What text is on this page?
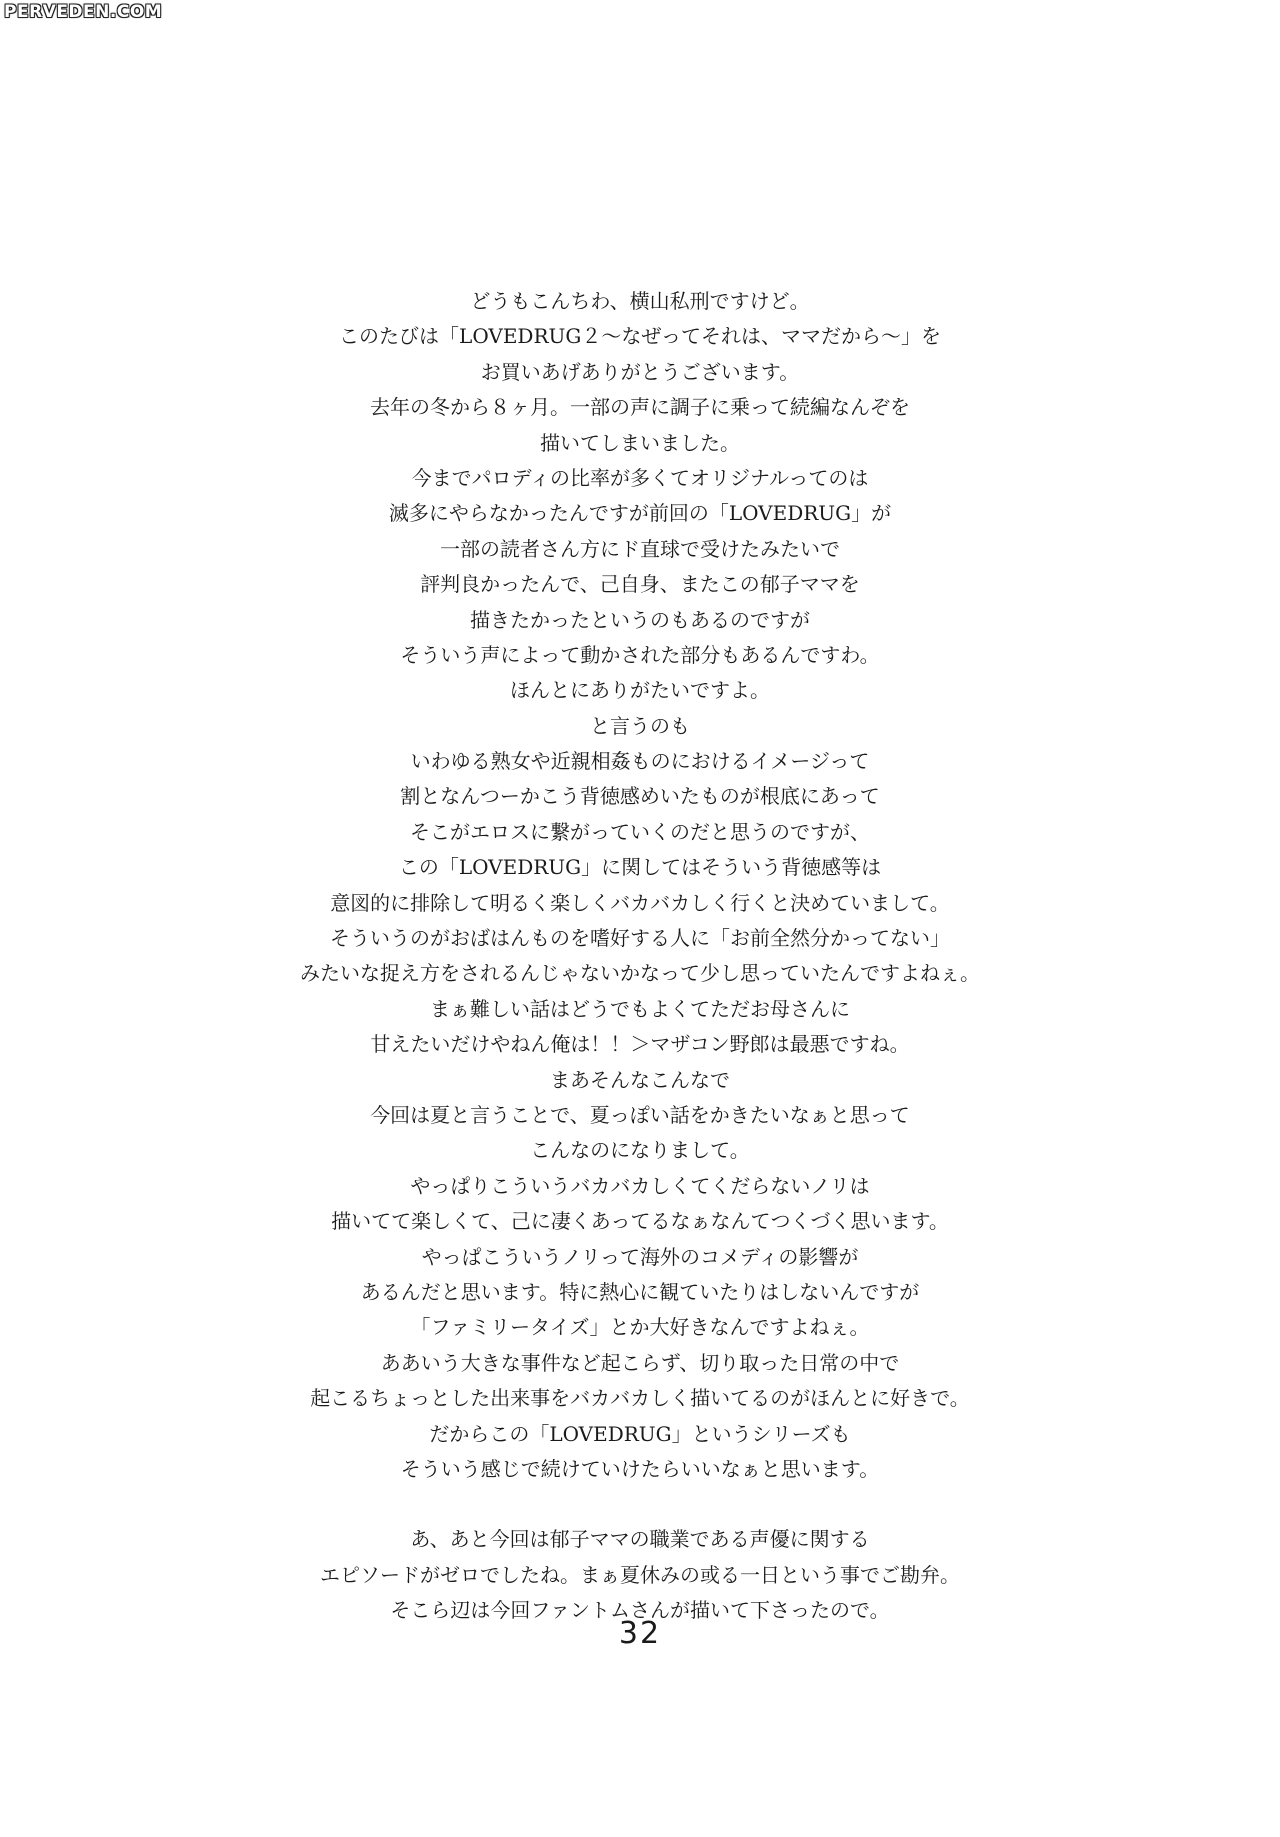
PERVEDEN.COM
どうもこんちわ、横山私刑ですけど。
このたびは「LOVEDRUG２～なぜってそれは、ママだから～」を
お買いあげありがとうございます。
去年の冬から８ヶ月。一部の声に調子に乗って続編なんぞを
描いてしまいました。
今までパロディの比率が多くてオリジナルってのは
滅多にやらなかったんですが前回の「LOVEDRUG」が
一部の読者さん方にド直球で受けたみたいで
評判良かったんで、己自身、またこの郁子ママを
描きたかったというのもあるのですが
そういう声によって動かされた部分もあるんですわ。
ほんとにありがたいですよ。
と言うのも
いわゆる熟女や近親相姦ものにおけるイメージって
割となんつーかこう背徳感めいたものが根底にあって
そこがエロスに繋がっていくのだと思うのですが、
この「LOVEDRUG」に関してはそういう背徳感等は
意図的に排除して明るく楽しくバカバカしく行くと決めていまして。
そういうのがおばはんものを嗜好する人に「お前全然分かってない」
みたいな捉え方をされるんじゃないかなって少し思っていたんですよねぇ。
まぁ難しい話はどうでもよくてただお母さんに
甘えたいだけやねん俺は！！＞マザコン野郎は最悪ですね。
まあそんなこんなで
今回は夏と言うことで、夏っぽい話をかきたいなぁと思って
こんなのになりまして。
やっぱりこういうバカバカしくてくだらないノリは
描いてて楽しくて、己に凄くあってるなぁなんてつくづく思います。
やっぱこういうノリって海外のコメディの影響が
あるんだと思います。特に熱心に観ていたりはしないんですが
「ファミリータイズ」とか大好きなんですよねぇ。
ああいう大きな事件など起こらず、切り取った日常の中で
起こるちょっとした出来事をバカバカしく描いてるのがほんとに好きで。
だからこの「LOVEDRUG」というシリーズも
そういう感じで続けていけたらいいなぁと思います。
あ、あと今回は郁子ママの職業である声優に関する
エピソードがゼロでしたね。まぁ夏休みの或る一日という事でご勘弁。
そこら辺は今回ファントムさんが描いて下さったので。
32
